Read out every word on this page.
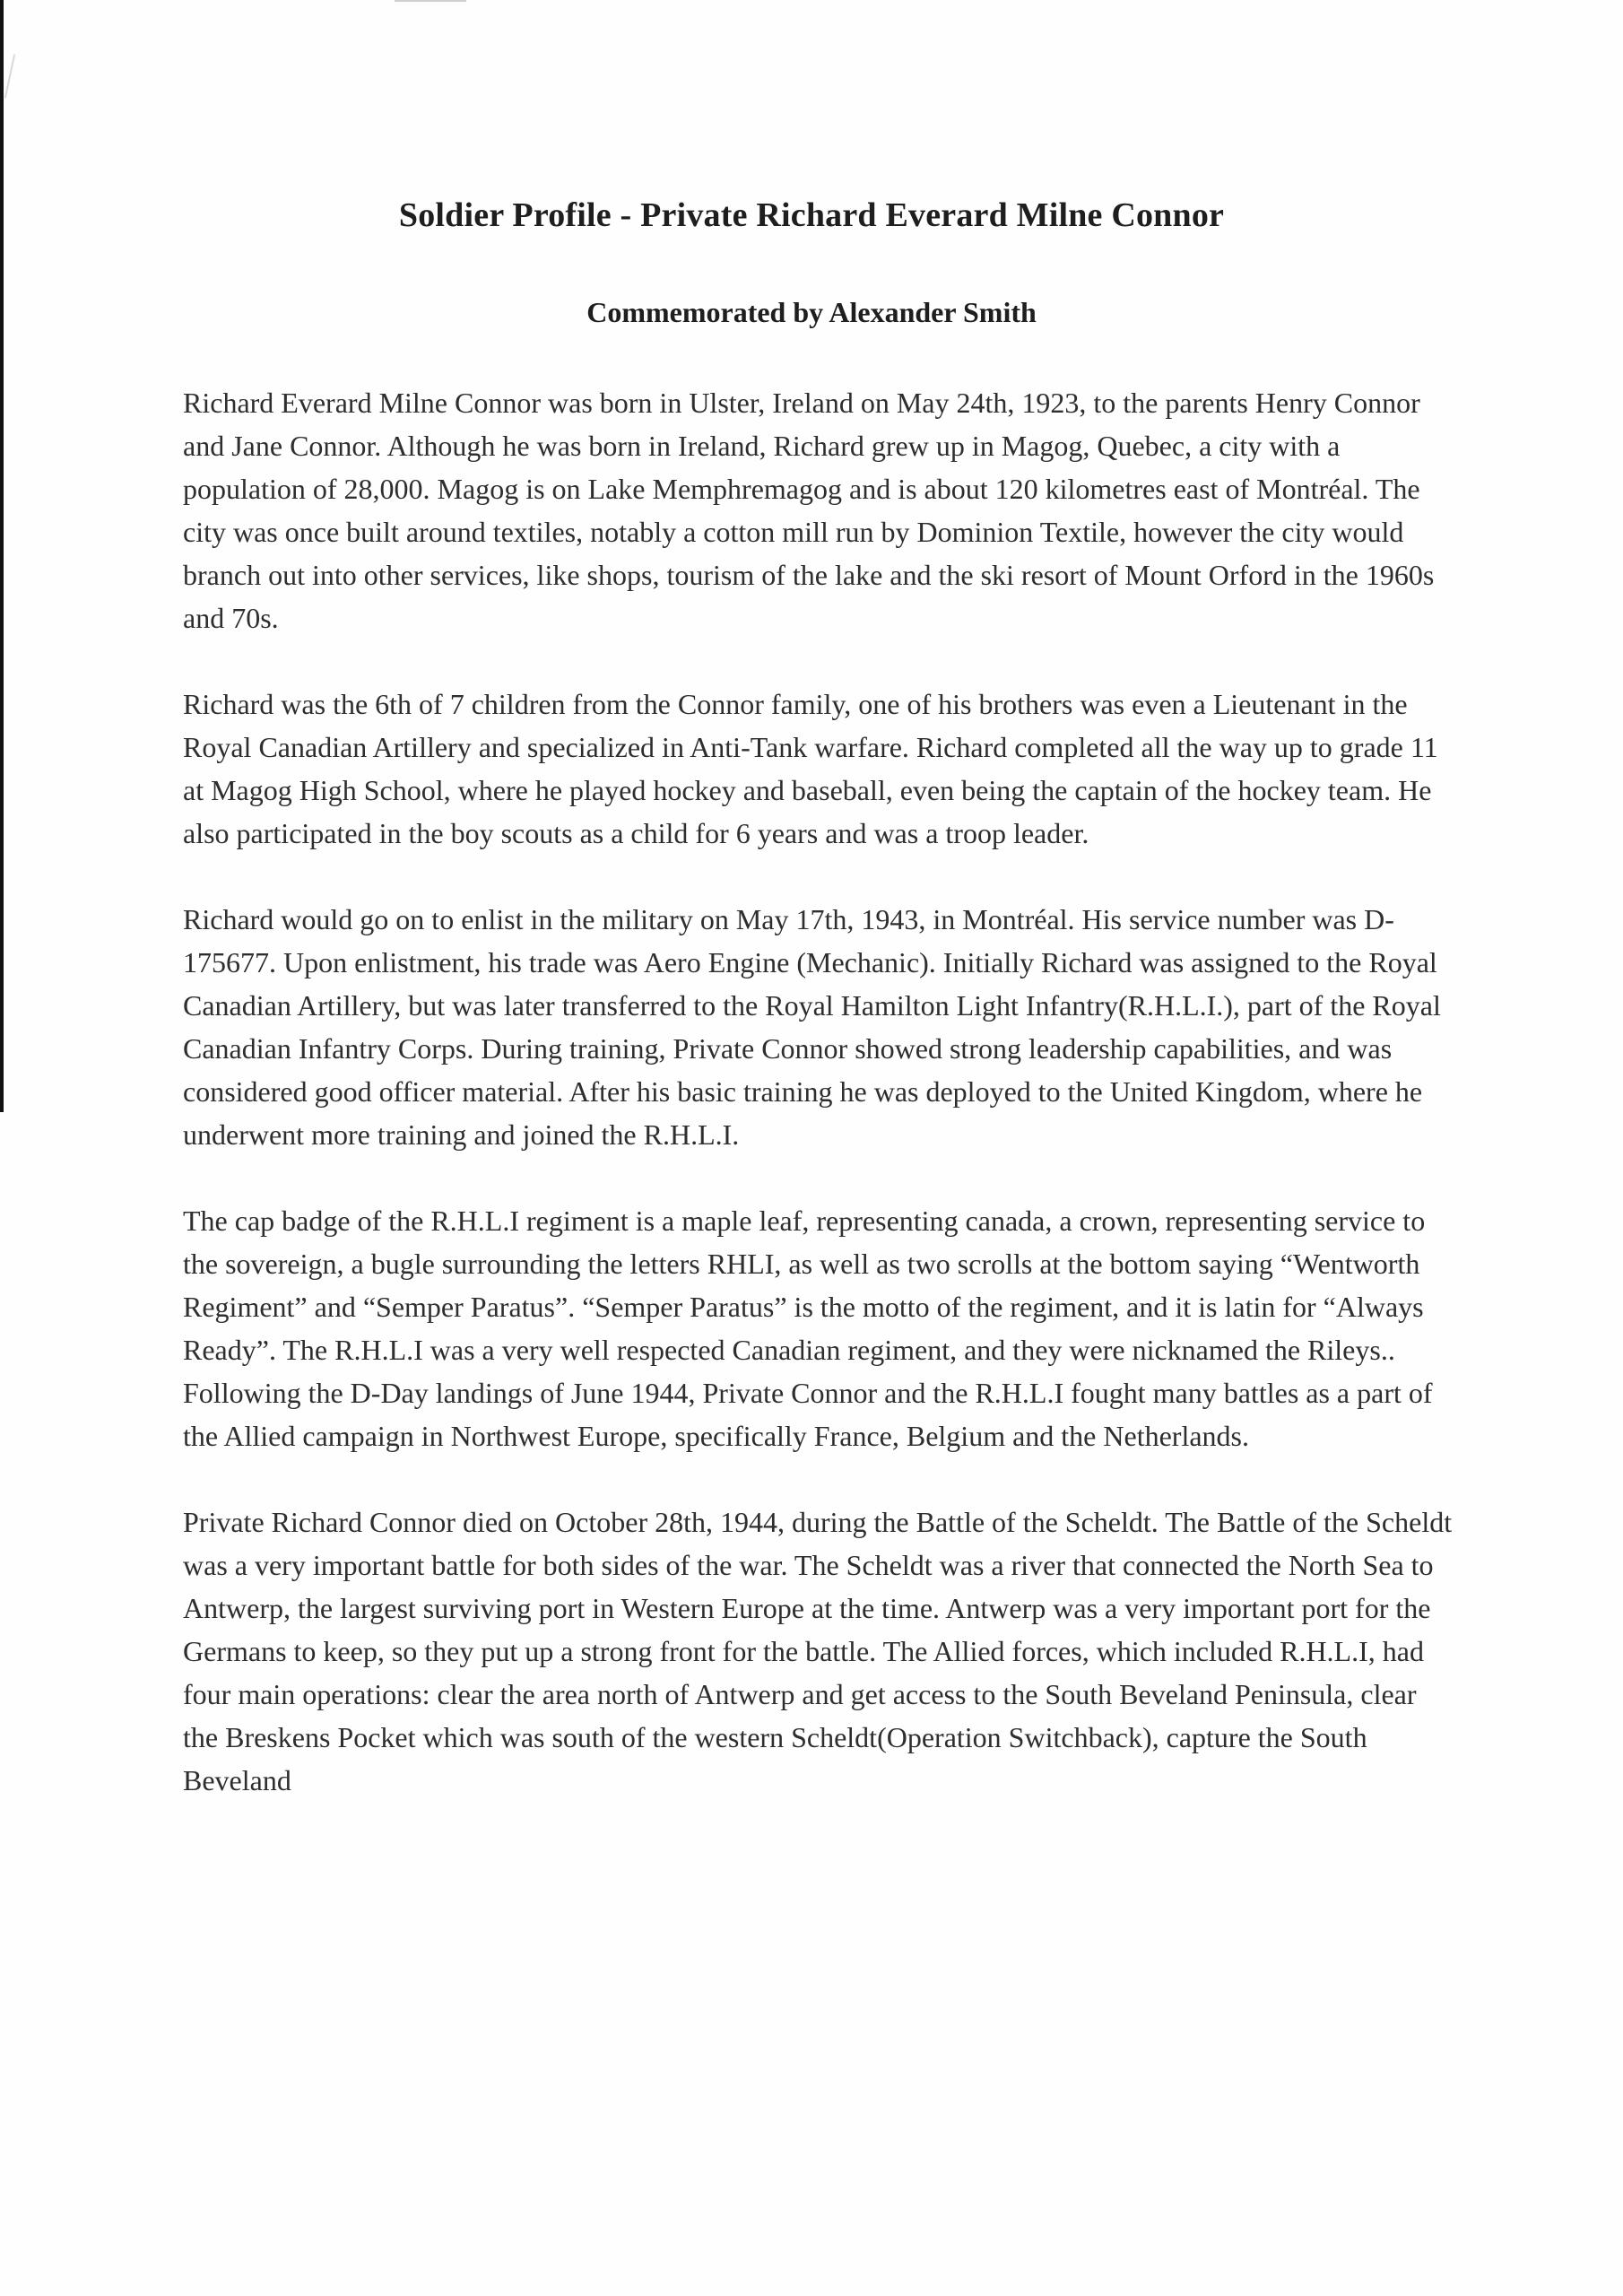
Soldier Profile - Private Richard Everard Milne Connor
Commemorated by Alexander Smith

Richard Everard Milne Connor was born in Ulster, Ireland on May 24th, 1923, to the parents Henry Connor and Jane Connor. Although he was born in Ireland, Richard grew up in Magog, Quebec, a city with a population of 28,000. Magog is on Lake Memphremagog and is about 120 kilometres east of Montréal. The city was once built around textiles, notably a cotton mill run by Dominion Textile, however the city would branch out into other services, like shops, tourism of the lake and the ski resort of Mount Orford in the 1960s and 70s.

Richard was the 6th of 7 children from the Connor family, one of his brothers was even a Lieutenant in the Royal Canadian Artillery and specialized in Anti-Tank warfare. Richard completed all the way up to grade 11 at Magog High School, where he played hockey and baseball, even being the captain of the hockey team. He also participated in the boy scouts as a child for 6 years and was a troop leader.

Richard would go on to enlist in the military on May 17th, 1943, in Montréal. His service number was D-175677. Upon enlistment, his trade was Aero Engine (Mechanic). Initially Richard was assigned to the Royal Canadian Artillery, but was later transferred to the Royal Hamilton Light Infantry(R.H.L.I.), part of the Royal Canadian Infantry Corps. During training, Private Connor showed strong leadership capabilities, and was considered good officer material. After his basic training he was deployed to the United Kingdom, where he underwent more training and joined the R.H.L.I.

The cap badge of the R.H.L.I regiment is a maple leaf, representing canada, a crown, representing service to the sovereign, a bugle surrounding the letters RHLI, as well as two scrolls at the bottom saying “Wentworth Regiment” and “Semper Paratus”. “Semper Paratus” is the motto of the regiment, and it is latin for “Always Ready”. The R.H.L.I was a very well respected Canadian regiment, and they were nicknamed the Rileys.. Following the D-Day landings of June 1944, Private Connor and the R.H.L.I fought many battles as a part of the Allied campaign in Northwest Europe, specifically France, Belgium and the Netherlands.

Private Richard Connor died on October 28th, 1944, during the Battle of the Scheldt. The Battle of the Scheldt was a very important battle for both sides of the war. The Scheldt was a river that connected the North Sea to Antwerp, the largest surviving port in Western Europe at the time. Antwerp was a very important port for the Germans to keep, so they put up a strong front for the battle. The Allied forces, which included R.H.L.I, had four main operations: clear the area north of Antwerp and get access to the South Beveland Peninsula, clear the Breskens Pocket which was south of the western Scheldt(Operation Switchback), capture the South Beveland
